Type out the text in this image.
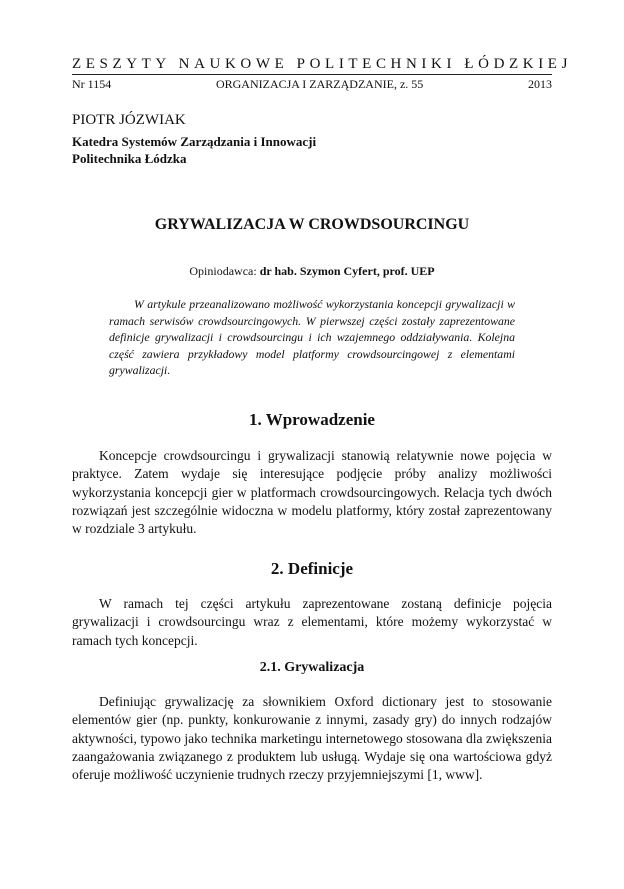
ZESZYTY NAUKOWE POLITECHNIKI ŁÓDZKIEJ
Nr 1154	ORGANIZACJA I ZARZĄDZANIE, z. 55	2013
PIOTR JÓZWIAK
Katedra Systemów Zarządzania i Innowacji
Politechnika Łódzka
GRYWALIZACJA W CROWDSOURCINGU
Opiniodawca: dr hab. Szymon Cyfert, prof. UEP

W artykule przeanalizowano możliwość wykorzystania koncepcji grywalizacji w ramach serwisów crowdsourcingowych. W pierwszej części zostały zaprezentowane definicje grywalizacji i crowdsourcingu i ich wzajemnego oddziaływania. Kolejna część zawiera przykładowy model platformy crowdsourcingowej z elementami grywalizacji.

1. Wprowadzenie

Koncepcje crowdsourcingu i grywalizacji stanowią relatywnie nowe pojęcia w praktyce. Zatem wydaje się interesujące podjęcie próby analizy możliwości wykorzystania koncepcji gier w platformach crowdsourcingowych. Relacja tych dwóch rozwiązań jest szczególnie widoczna w modelu platformy, który został zaprezentowany w rozdziale 3 artykułu.

2. Definicje

W ramach tej części artykułu zaprezentowane zostaną definicje pojęcia grywalizacji i crowdsourcingu wraz z elementami, które możemy wykorzystać w ramach tych koncepcji.

2.1. Grywalizacja

Definiując grywalizację za słownikiem Oxford dictionary jest to stosowanie elementów gier (np. punkty, konkurowanie z innymi, zasady gry) do innych rodzajów aktywności, typowo jako technika marketingu internetowego stosowana dla zwiększenia zaangażowania związanego z produktem lub usługą. Wydaje się ona wartościowa gdyż oferuje możliwość uczynienie trudnych rzeczy przyjemniejszymi [1, www].
